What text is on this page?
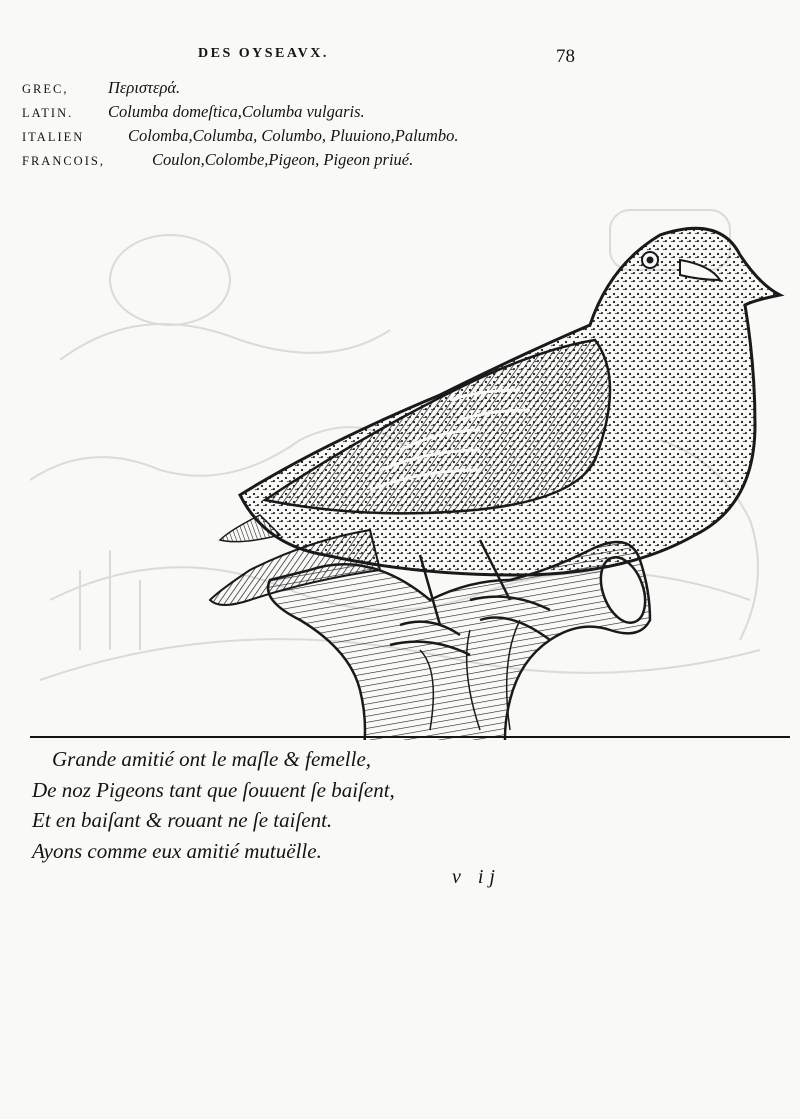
DES OYSEAVX.	78
GREC, Περιστερά.
LATIN. Columba domeſtica,Columba vulgaris.
ITALIEN	Colomba,Columba, Columbo, Pluuiono,Palumbo.
FRANCOIS,	Coulon,Colombe,Pigeon, Pigeon priué.
Grande amitié ont le maſle & femelle,
De noz Pigeons tant que ſouuent ſe baiſent,
Et en baiſant & rouant ne ſe taiſent.
Ayons comme eux amitié mutuëlle.
v ij
